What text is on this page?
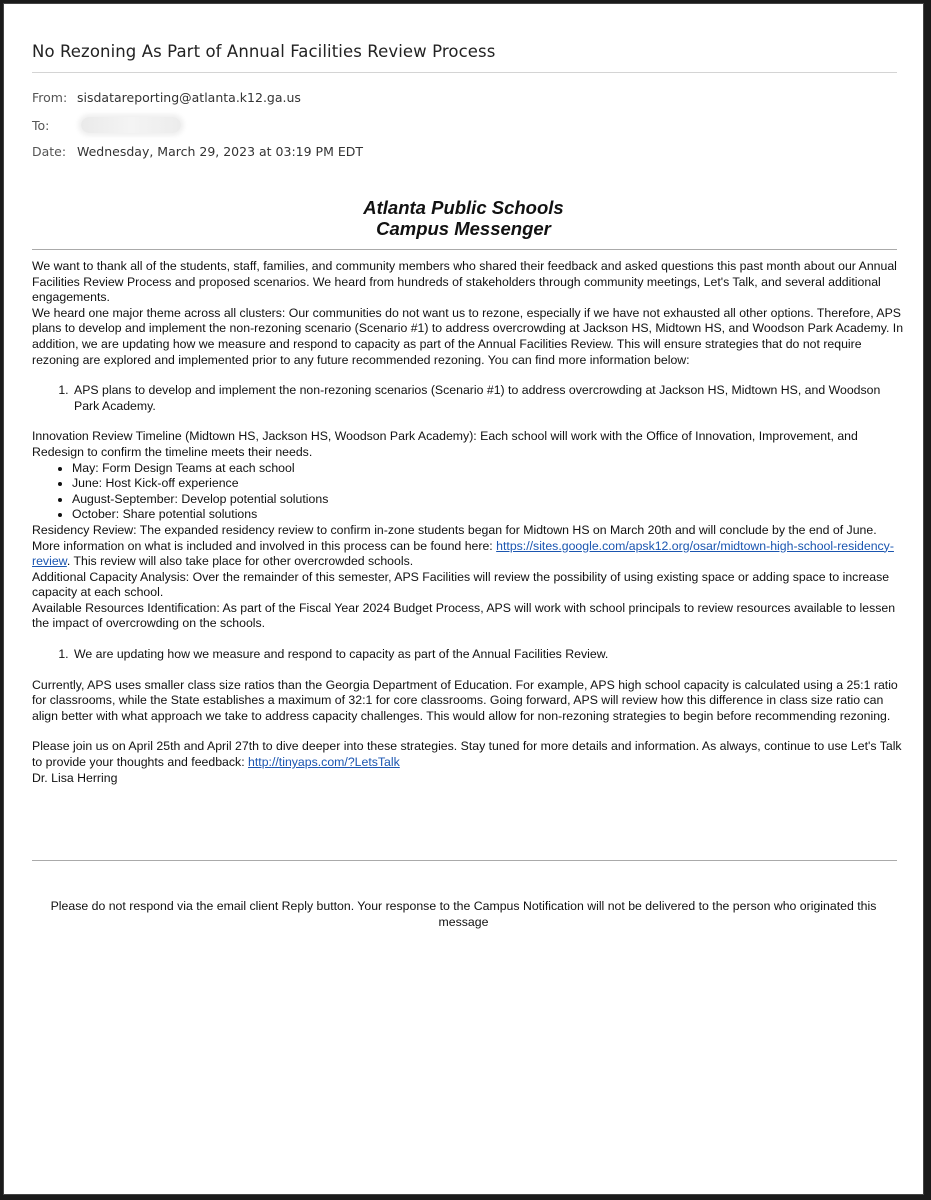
No Rezoning As Part of Annual Facilities Review Process
From: sisdatareporting@atlanta.k12.ga.us
To:
Date: Wednesday, March 29, 2023 at 03:19 PM EDT
Atlanta Public Schools
Campus Messenger

We want to thank all of the students, staff, families, and community members who shared their feedback and asked questions this past month about our Annual Facilities Review Process and proposed scenarios. We heard from hundreds of stakeholders through community meetings, Let's Talk, and several additional engagements.

We heard one major theme across all clusters: Our communities do not want us to rezone, especially if we have not exhausted all other options. Therefore, APS plans to develop and implement the non-rezoning scenario (Scenario #1) to address overcrowding at Jackson HS, Midtown HS, and Woodson Park Academy. In addition, we are updating how we measure and respond to capacity as part of the Annual Facilities Review. This will ensure strategies that do not require rezoning are explored and implemented prior to any future recommended rezoning. You can find more information below:

1. APS plans to develop and implement the non-rezoning scenarios (Scenario #1) to address overcrowding at Jackson HS, Midtown HS, and Woodson Park Academy.

Innovation Review Timeline (Midtown HS, Jackson HS, Woodson Park Academy): Each school will work with the Office of Innovation, Improvement, and Redesign to confirm the timeline meets their needs.

• May: Form Design Teams at each school
• June: Host Kick-off experience
• August-September: Develop potential solutions
• October: Share potential solutions

Residency Review: The expanded residency review to confirm in-zone students began for Midtown HS on March 20th and will conclude by the end of June. More information on what is included and involved in this process can be found here: https://sites.google.com/apsk12.org/osar/midtown-high-school-residency-review. This review will also take place for other overcrowded schools.

Additional Capacity Analysis: Over the remainder of this semester, APS Facilities will review the possibility of using existing space or adding space to increase capacity at each school.

Available Resources Identification: As part of the Fiscal Year 2024 Budget Process, APS will work with school principals to review resources available to lessen the impact of overcrowding on the schools.

1. We are updating how we measure and respond to capacity as part of the Annual Facilities Review.

Currently, APS uses smaller class size ratios than the Georgia Department of Education. For example, APS high school capacity is calculated using a 25:1 ratio for classrooms, while the State establishes a maximum of 32:1 for core classrooms. Going forward, APS will review how this difference in class size ratio can align better with what approach we take to address capacity challenges. This would allow for non-rezoning strategies to begin before recommending rezoning.

Please join us on April 25th and April 27th to dive deeper into these strategies. Stay tuned for more details and information. As always, continue to use Let's Talk to provide your thoughts and feedback: http://tinyaps.com/?LetsTalk

Dr. Lisa Herring

Please do not respond via the email client Reply button. Your response to the Campus Notification will not be delivered to the person who originated this message
